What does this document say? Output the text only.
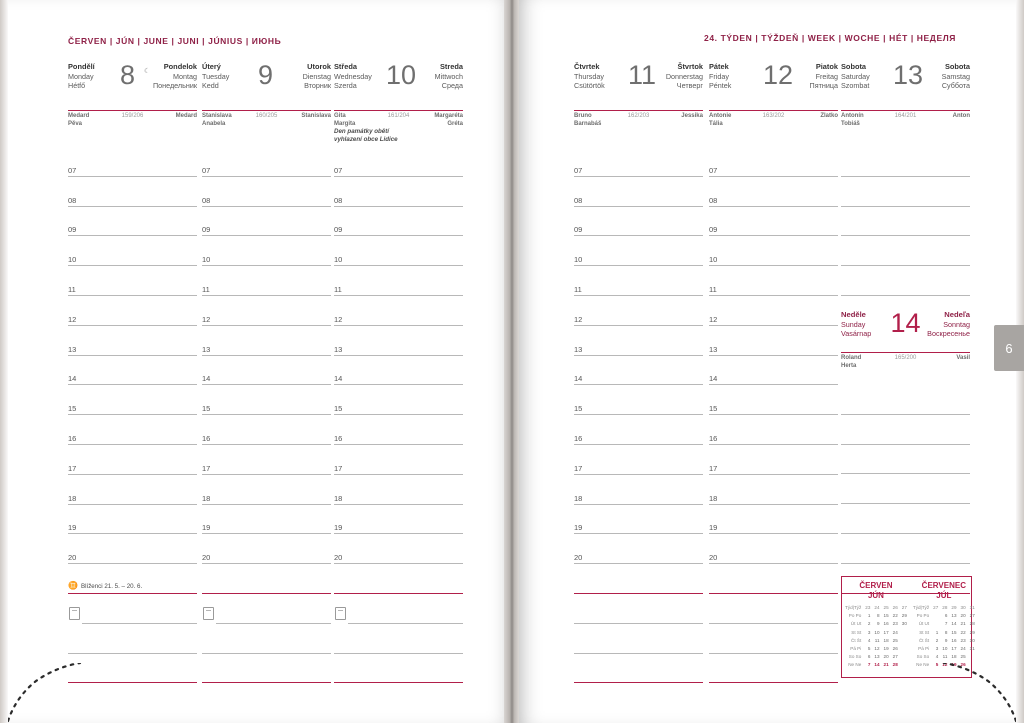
ČERVEN | JÚN | JUNE | JUNI | JÚNIUS | ИЮНЬ
Pondělí
Monday
Hétfő	8 ☾
Pondelok
Montag
Понедельник
Medard
Pěva
159/206	Medard
Úterý
Tuesday
Kedd	9	Utorok
Dienstag
Вторник
Stanislava
Anabela
160/205	Stanislava
Středa
Wednesday
Szerda	10	Streda
Mittwoch
Среда
Gita
Margita
161/204	Margaréta
Gréta
Den památky obětí
vyhlazení obce Lidice
07
08
09
10
11
12
13
14
15
16
17
18
19
20
♊ Blíženci 21. 5. – 20. 6.
07
08
09
10
11
12
13
14
15
16
17
18
19
20
07
08
09
10
11
12
13
14
15
16
17
18
19
20
24. TÝDEN | TÝŽDEŇ | WEEK | WOCHE | HÉT | НЕДЕЛЯ
Čtvrtek
Thursday
Csütörtök 11	Štvrtok
Donnerstag
Четверг
Bruno
Barnabáš
162/203	Jessika
Pátek
Friday
Péntek 12	Piatok
Freitag
Пятница
Antonie
Tália
163/202	Zlatko
Sobota
Saturday
Szombat 13	Sobota
Samstag
Суббота
Antonín
Tobiáš
164/201	Anton
07
08
09
10
11
12
13
14
15
16
17
18
19
20
07
08
09
10
11
12
13
14
15
16
17
18
19
20
Neděle
Sunday
Vasárnap 14	Nedeľa
Sonntag
Воскресенье
Roland
Herta
165/200	Vasil
ČERVEN
JÚN
Týd|Týž	23	24	25	26	27
Po Po	1	8	15	22	29
Út Ut	2	9	16	23	30
St St	3	10	17	24	
Čt Št	4	11	18	25	
Pá Pi	5	12	19	26	
So So	6	13	20	27	
Ne Ne	7	14	21	28	
ČERVENEC
JÚL
Týd|Týž	27	28	29	30	31
Po Po		6	13	20	27
Út Ut		7	14	21	28
St St	1	8	15	22	29
Čt Št	2	9	16	23	30
Pá Pi	3	10	17	24	31
So So	4	11	18	25	
Ne Ne	5	12	19	26	
6
